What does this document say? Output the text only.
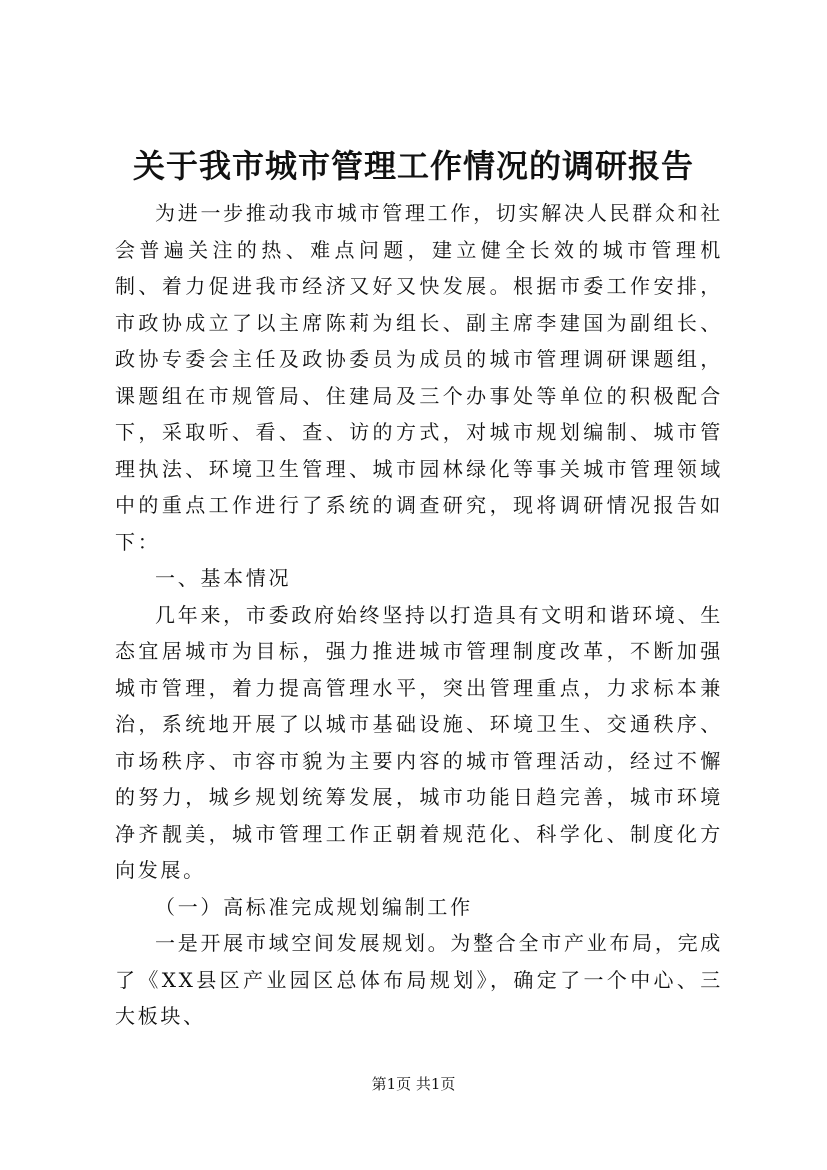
关于我市城市管理工作情况的调研报告

为进一步推动我市城市管理工作，切实解决人民群众和社会普遍关注的热、难点问题，建立健全长效的城市管理机制、着力促进我市经济又好又快发展。根据市委工作安排，市政协成立了以主席陈莉为组长、副主席李建国为副组长、政协专委会主任及政协委员为成员的城市管理调研课题组，课题组在市规管局、住建局及三个办事处等单位的积极配合下，采取听、看、查、访的方式，对城市规划编制、城市管理执法、环境卫生管理、城市园林绿化等事关城市管理领域中的重点工作进行了系统的调查研究，现将调研情况报告如下：

一、基本情况

几年来，市委政府始终坚持以打造具有文明和谐环境、生态宜居城市为目标，强力推进城市管理制度改革，不断加强城市管理，着力提高管理水平，突出管理重点，力求标本兼治，系统地开展了以城市基础设施、环境卫生、交通秩序、市场秩序、市容市貌为主要内容的城市管理活动，经过不懈的努力，城乡规划统筹发展，城市功能日趋完善，城市环境净齐靓美，城市管理工作正朝着规范化、科学化、制度化方向发展。

（一）高标准完成规划编制工作

一是开展市域空间发展规划。为整合全市产业布局，完成了《XX县区产业园区总体布局规划》，确定了一个中心、三大板块、

第1页 共1页
